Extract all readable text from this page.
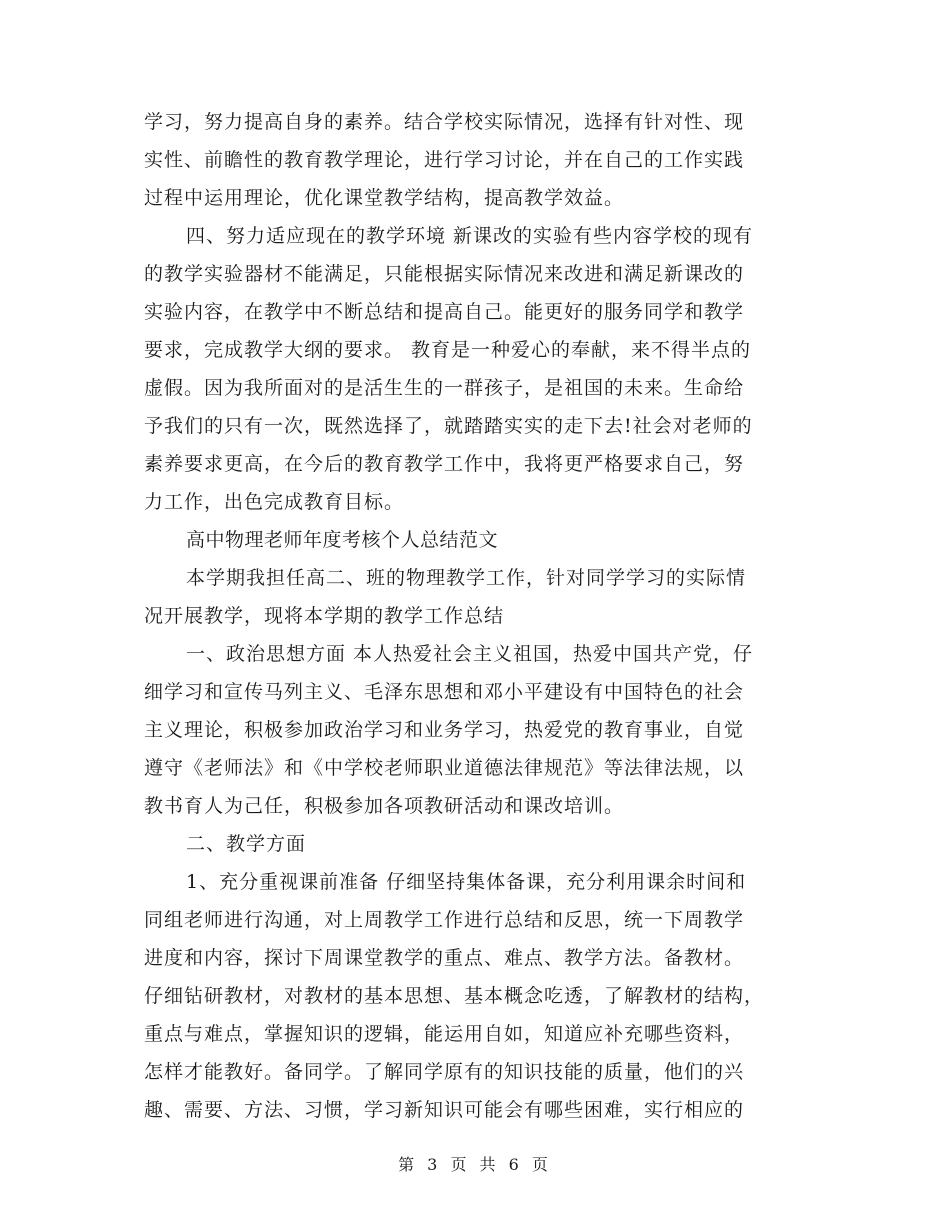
学习，努力提高自身的素养。结合学校实际情况，选择有针对性、现
实性、前瞻性的教育教学理论，进行学习讨论，并在自己的工作实践
过程中运用理论，优化课堂教学结构，提高教学效益。
四、努力适应现在的教学环境 新课改的实验有些内容学校的现有
的教学实验器材不能满足，只能根据实际情况来改进和满足新课改的
实验内容，在教学中不断总结和提高自己。能更好的服务同学和教学
要求，完成教学大纲的要求。 教育是一种爱心的奉献，来不得半点的
虚假。因为我所面对的是活生生的一群孩子，是祖国的未来。生命给
予我们的只有一次，既然选择了，就踏踏实实的走下去!社会对老师的
素养要求更高，在今后的教育教学工作中，我将更严格要求自己，努
力工作，出色完成教育目标。
高中物理老师年度考核个人总结范文
本学期我担任高二、班的物理教学工作，针对同学学习的实际情
况开展教学，现将本学期的教学工作总结
一、政治思想方面 本人热爱社会主义祖国，热爱中国共产党，仔
细学习和宣传马列主义、毛泽东思想和邓小平建设有中国特色的社会
主义理论，积极参加政治学习和业务学习，热爱党的教育事业，自觉
遵守《老师法》和《中学校老师职业道德法律规范》等法律法规，以
教书育人为己任，积极参加各项教研活动和课改培训。
二、教学方面
1、充分重视课前准备 仔细坚持集体备课，充分利用课余时间和
同组老师进行沟通，对上周教学工作进行总结和反思，统一下周教学
进度和内容，探讨下周课堂教学的重点、难点、教学方法。备教材。
仔细钻研教材，对教材的基本思想、基本概念吃透，了解教材的结构，
重点与难点，掌握知识的逻辑，能运用自如，知道应补充哪些资料，
怎样才能教好。备同学。了解同学原有的知识技能的质量，他们的兴
趣、需要、方法、习惯，学习新知识可能会有哪些困难，实行相应的
第 3 页 共 6 页
